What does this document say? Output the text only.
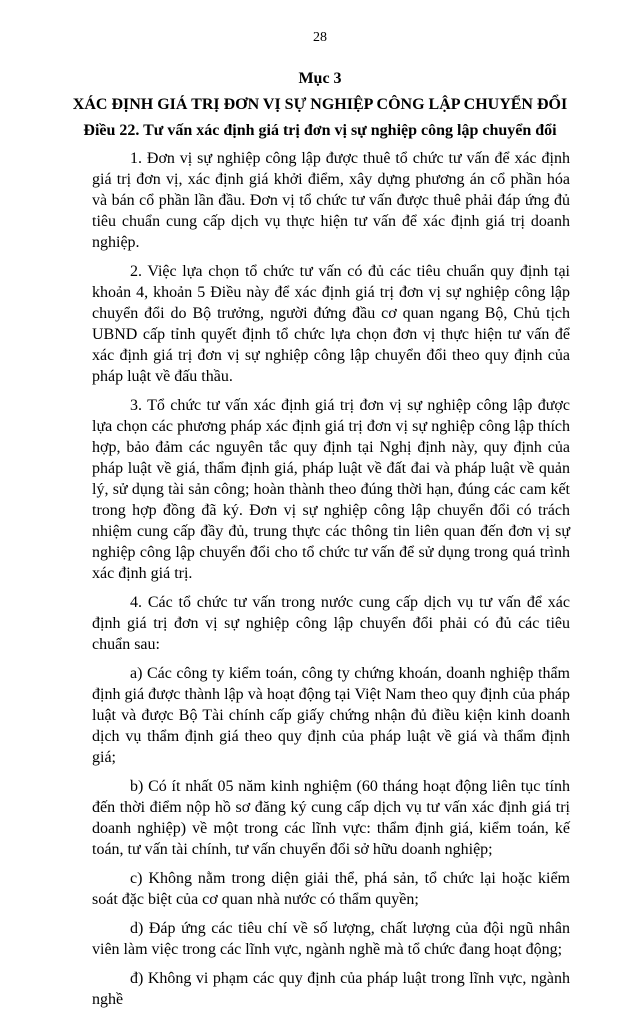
28
Mục 3
XÁC ĐỊNH GIÁ TRỊ ĐƠN VỊ SỰ NGHIỆP CÔNG LẬP CHUYỂN ĐỔI
Điều 22. Tư vấn xác định giá trị đơn vị sự nghiệp công lập chuyển đổi

1. Đơn vị sự nghiệp công lập được thuê tổ chức tư vấn để xác định giá trị đơn vị, xác định giá khởi điểm, xây dựng phương án cổ phần hóa và bán cổ phần lần đầu. Đơn vị tổ chức tư vấn được thuê phải đáp ứng đủ tiêu chuẩn cung cấp dịch vụ thực hiện tư vấn để xác định giá trị doanh nghiệp.

2. Việc lựa chọn tổ chức tư vấn có đủ các tiêu chuẩn quy định tại khoản 4, khoản 5 Điều này để xác định giá trị đơn vị sự nghiệp công lập chuyển đổi do Bộ trưởng, người đứng đầu cơ quan ngang Bộ, Chủ tịch UBND cấp tỉnh quyết định tổ chức lựa chọn đơn vị thực hiện tư vấn để xác định giá trị đơn vị sự nghiệp công lập chuyển đổi theo quy định của pháp luật về đấu thầu.

3. Tổ chức tư vấn xác định giá trị đơn vị sự nghiệp công lập được lựa chọn các phương pháp xác định giá trị đơn vị sự nghiệp công lập thích hợp, bảo đảm các nguyên tắc quy định tại Nghị định này, quy định của pháp luật về giá, thẩm định giá, pháp luật về đất đai và pháp luật về quản lý, sử dụng tài sản công; hoàn thành theo đúng thời hạn, đúng các cam kết trong hợp đồng đã ký. Đơn vị sự nghiệp công lập chuyển đổi có trách nhiệm cung cấp đầy đủ, trung thực các thông tin liên quan đến đơn vị sự nghiệp công lập chuyển đổi cho tổ chức tư vấn để sử dụng trong quá trình xác định giá trị.

4. Các tổ chức tư vấn trong nước cung cấp dịch vụ tư vấn để xác định giá trị đơn vị sự nghiệp công lập chuyển đổi phải có đủ các tiêu chuẩn sau:

a) Các công ty kiểm toán, công ty chứng khoán, doanh nghiệp thẩm định giá được thành lập và hoạt động tại Việt Nam theo quy định của pháp luật và được Bộ Tài chính cấp giấy chứng nhận đủ điều kiện kinh doanh dịch vụ thẩm định giá theo quy định của pháp luật về giá và thẩm định giá;

b) Có ít nhất 05 năm kinh nghiệm (60 tháng hoạt động liên tục tính đến thời điểm nộp hồ sơ đăng ký cung cấp dịch vụ tư vấn xác định giá trị doanh nghiệp) về một trong các lĩnh vực: thẩm định giá, kiểm toán, kế toán, tư vấn tài chính, tư vấn chuyển đổi sở hữu doanh nghiệp;

c) Không nằm trong diện giải thể, phá sản, tổ chức lại hoặc kiểm soát đặc biệt của cơ quan nhà nước có thẩm quyền;

d) Đáp ứng các tiêu chí về số lượng, chất lượng của đội ngũ nhân viên làm việc trong các lĩnh vực, ngành nghề mà tổ chức đang hoạt động;

đ) Không vi phạm các quy định của pháp luật trong lĩnh vực, ngành nghề
